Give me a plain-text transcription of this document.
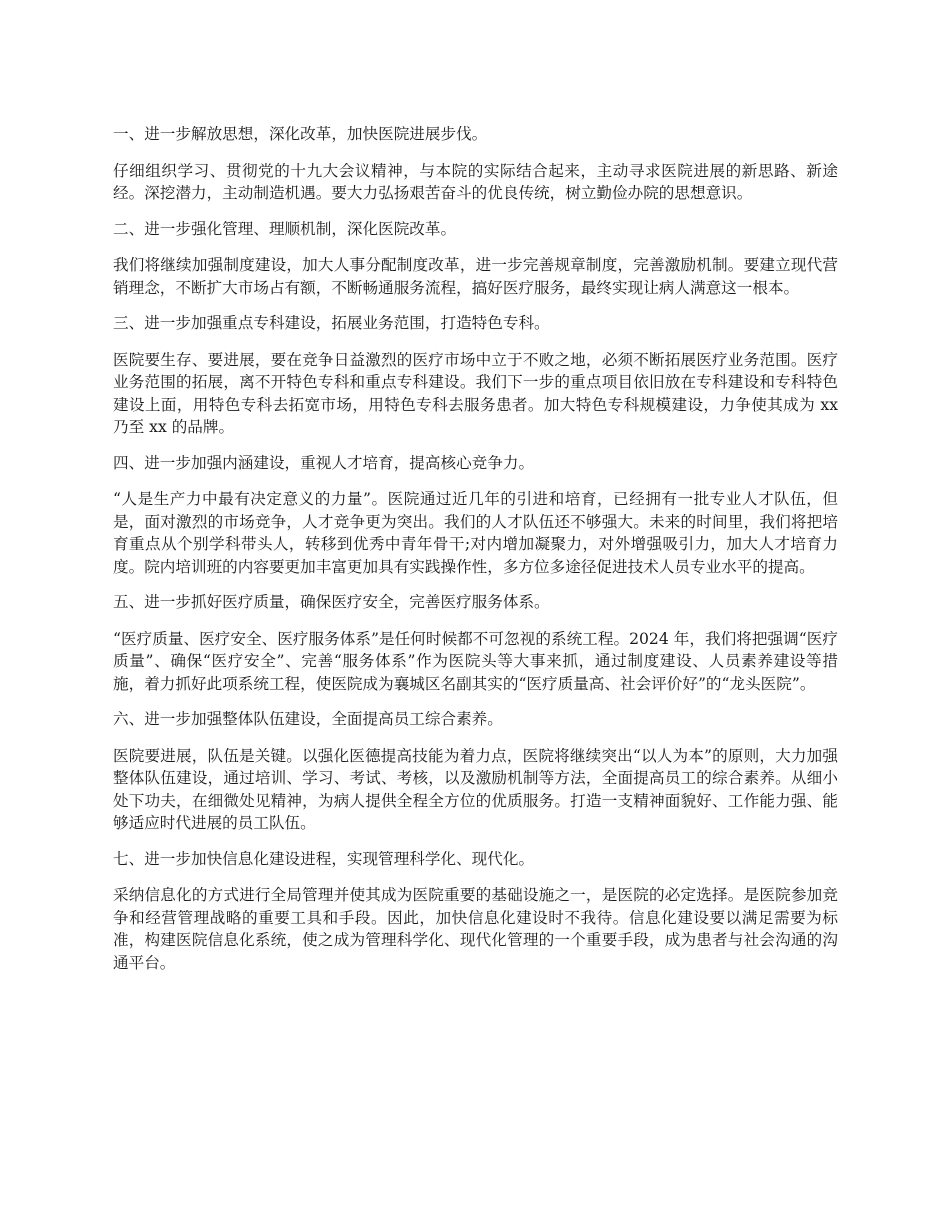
一、进一步解放思想，深化改革，加快医院进展步伐。

仔细组织学习、贯彻党的十九大会议精神，与本院的实际结合起来，主动寻求医院进展的新思路、新途经。深挖潜力，主动制造机遇。要大力弘扬艰苦奋斗的优良传统，树立勤俭办院的思想意识。

二、进一步强化管理、理顺机制，深化医院改革。

我们将继续加强制度建设，加大人事分配制度改革，进一步完善规章制度，完善激励机制。要建立现代营销理念，不断扩大市场占有额，不断畅通服务流程，搞好医疗服务，最终实现让病人满意这一根本。

三、进一步加强重点专科建设，拓展业务范围，打造特色专科。

医院要生存、要进展，要在竞争日益激烈的医疗市场中立于不败之地，必须不断拓展医疗业务范围。医疗业务范围的拓展，离不开特色专科和重点专科建设。我们下一步的重点项目依旧放在专科建设和专科特色建设上面，用特色专科去拓宽市场，用特色专科去服务患者。加大特色专科规模建设，力争使其成为 xx 乃至 xx 的品牌。

四、进一步加强内涵建设，重视人才培育，提高核心竞争力。

“人是生产力中最有决定意义的力量”。医院通过近几年的引进和培育，已经拥有一批专业人才队伍，但是，面对激烈的市场竞争，人才竞争更为突出。我们的人才队伍还不够强大。未来的时间里，我们将把培育重点从个别学科带头人，转移到优秀中青年骨干;对内增加凝聚力，对外增强吸引力，加大人才培育力度。院内培训班的内容要更加丰富更加具有实践操作性，多方位多途径促进技术人员专业水平的提高。

五、进一步抓好医疗质量，确保医疗安全，完善医疗服务体系。

“医疗质量、医疗安全、医疗服务体系”是任何时候都不可忽视的系统工程。2024 年，我们将把强调“医疗质量”、确保“医疗安全”、完善“服务体系”作为医院头等大事来抓，通过制度建设、人员素养建设等措施，着力抓好此项系统工程，使医院成为襄城区名副其实的“医疗质量高、社会评价好”的“龙头医院”。

六、进一步加强整体队伍建设，全面提高员工综合素养。

医院要进展，队伍是关键。以强化医德提高技能为着力点，医院将继续突出“以人为本”的原则，大力加强整体队伍建设，通过培训、学习、考试、考核，以及激励机制等方法，全面提高员工的综合素养。从细小处下功夫，在细微处见精神，为病人提供全程全方位的优质服务。打造一支精神面貌好、工作能力强、能够适应时代进展的员工队伍。

七、进一步加快信息化建设进程，实现管理科学化、现代化。

采纳信息化的方式进行全局管理并使其成为医院重要的基础设施之一，是医院的必定选择。是医院参加竞争和经营管理战略的重要工具和手段。因此，加快信息化建设时不我待。信息化建设要以满足需要为标准，构建医院信息化系统，使之成为管理科学化、现代化管理的一个重要手段，成为患者与社会沟通的沟通平台。
